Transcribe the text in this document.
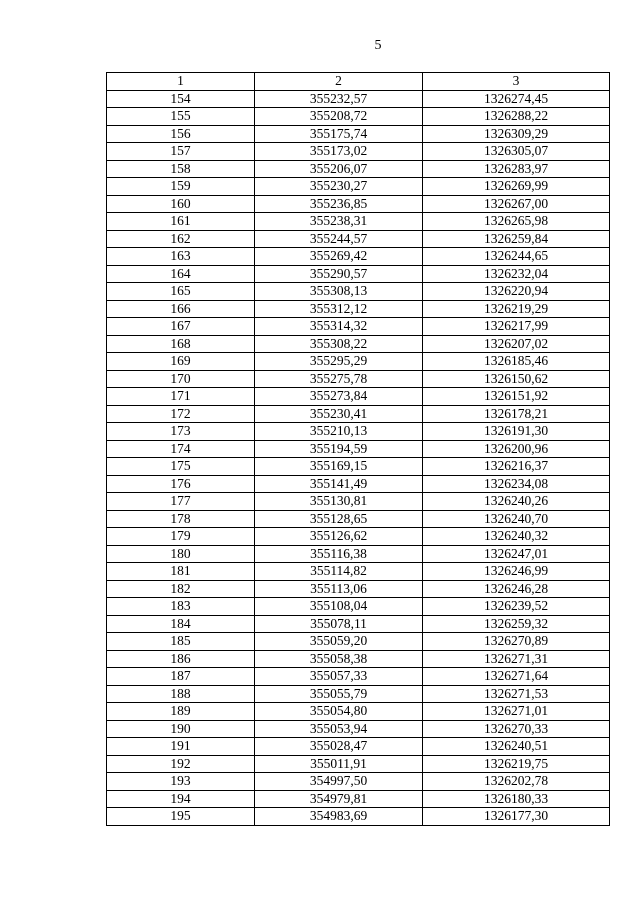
5
1	2	3
154	355232,57	1326274,45
155	355208,72	1326288,22
156	355175,74	1326309,29
157	355173,02	1326305,07
158	355206,07	1326283,97
159	355230,27	1326269,99
160	355236,85	1326267,00
161	355238,31	1326265,98
162	355244,57	1326259,84
163	355269,42	1326244,65
164	355290,57	1326232,04
165	355308,13	1326220,94
166	355312,12	1326219,29
167	355314,32	1326217,99
168	355308,22	1326207,02
169	355295,29	1326185,46
170	355275,78	1326150,62
171	355273,84	1326151,92
172	355230,41	1326178,21
173	355210,13	1326191,30
174	355194,59	1326200,96
175	355169,15	1326216,37
176	355141,49	1326234,08
177	355130,81	1326240,26
178	355128,65	1326240,70
179	355126,62	1326240,32
180	355116,38	1326247,01
181	355114,82	1326246,99
182	355113,06	1326246,28
183	355108,04	1326239,52
184	355078,11	1326259,32
185	355059,20	1326270,89
186	355058,38	1326271,31
187	355057,33	1326271,64
188	355055,79	1326271,53
189	355054,80	1326271,01
190	355053,94	1326270,33
191	355028,47	1326240,51
192	355011,91	1326219,75
193	354997,50	1326202,78
194	354979,81	1326180,33
195	354983,69	1326177,30
